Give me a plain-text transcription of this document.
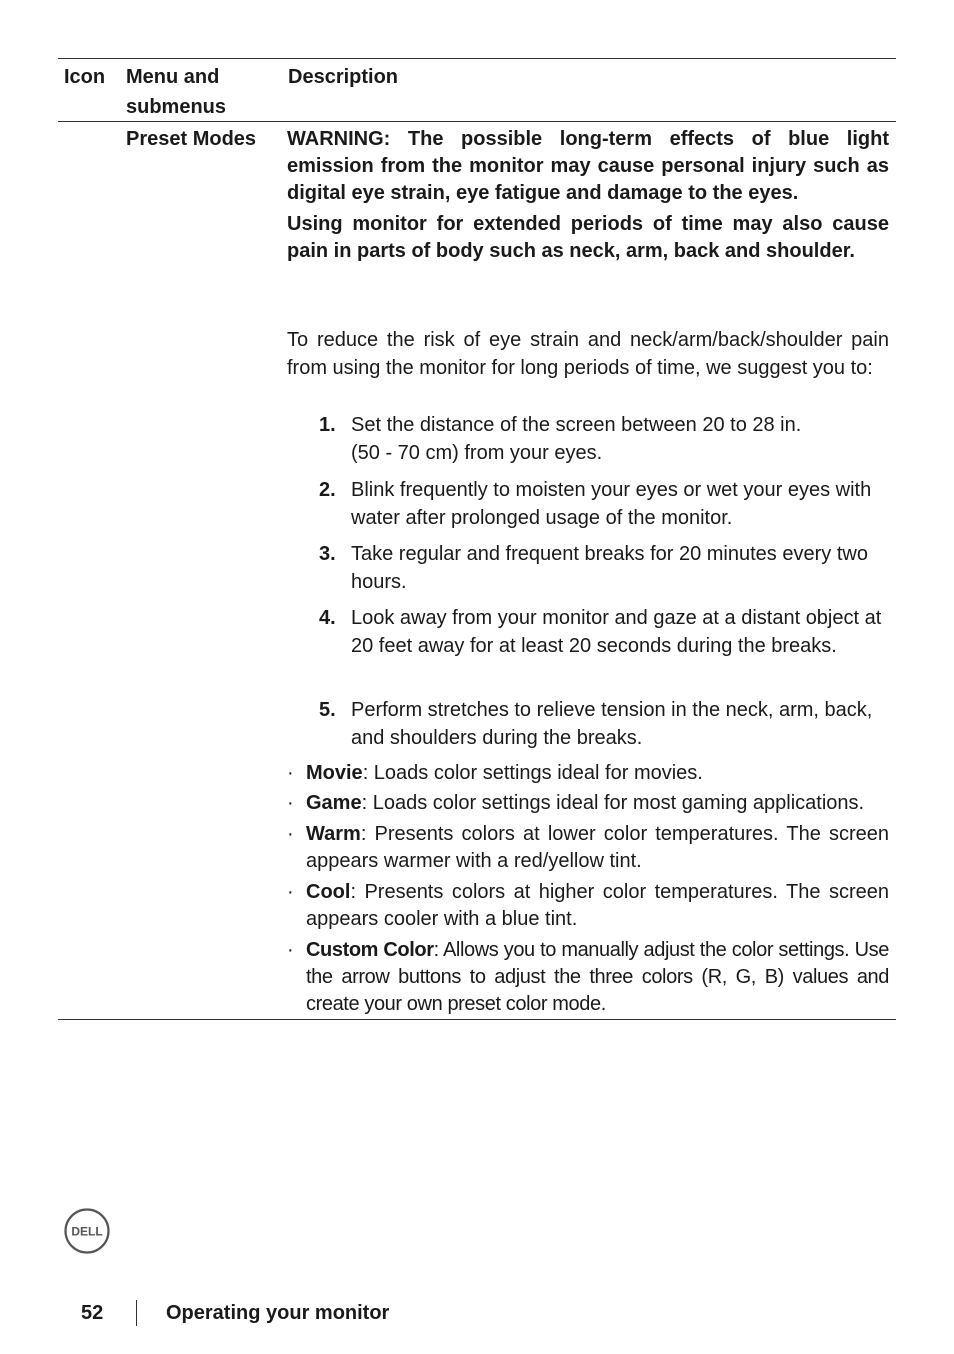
Icon Menu and
submenus
Description
Preset Modes WARNING: The possible long-term effects of blue light emission from the monitor may cause personal injury such as digital eye strain, eye fatigue and damage to the eyes.

Using monitor for extended periods of time may also cause pain in parts of body such as neck, arm, back and shoulder.

To reduce the risk of eye strain and neck/arm/back/shoulder pain from using the monitor for long periods of time, we suggest you to:
1. Set the distance of the screen between 20 to 28 in.
(50 - 70 cm) from your eyes.
2. Blink frequently to moisten your eyes or wet your eyes with water after prolonged usage of the monitor.
3. Take regular and frequent breaks for 20 minutes every two hours.
4. Look away from your monitor and gaze at a distant object at 20 feet away for at least 20 seconds during the breaks.
5. Perform stretches to relieve tension in the neck, arm, back, and shoulders during the breaks.
· Movie: Loads color settings ideal for movies.
· Game: Loads color settings ideal for most gaming applications.
· Warm: Presents colors at lower color temperatures. The screen appears warmer with a red/yellow tint.
· Cool: Presents colors at higher color temperatures. The screen appears cooler with a blue tint.
· Custom Color: Allows you to manually adjust the color settings. Use the arrow buttons to adjust the three colors (R, G, B) values and create your own preset color mode.
DELL
52	Operating your monitor
